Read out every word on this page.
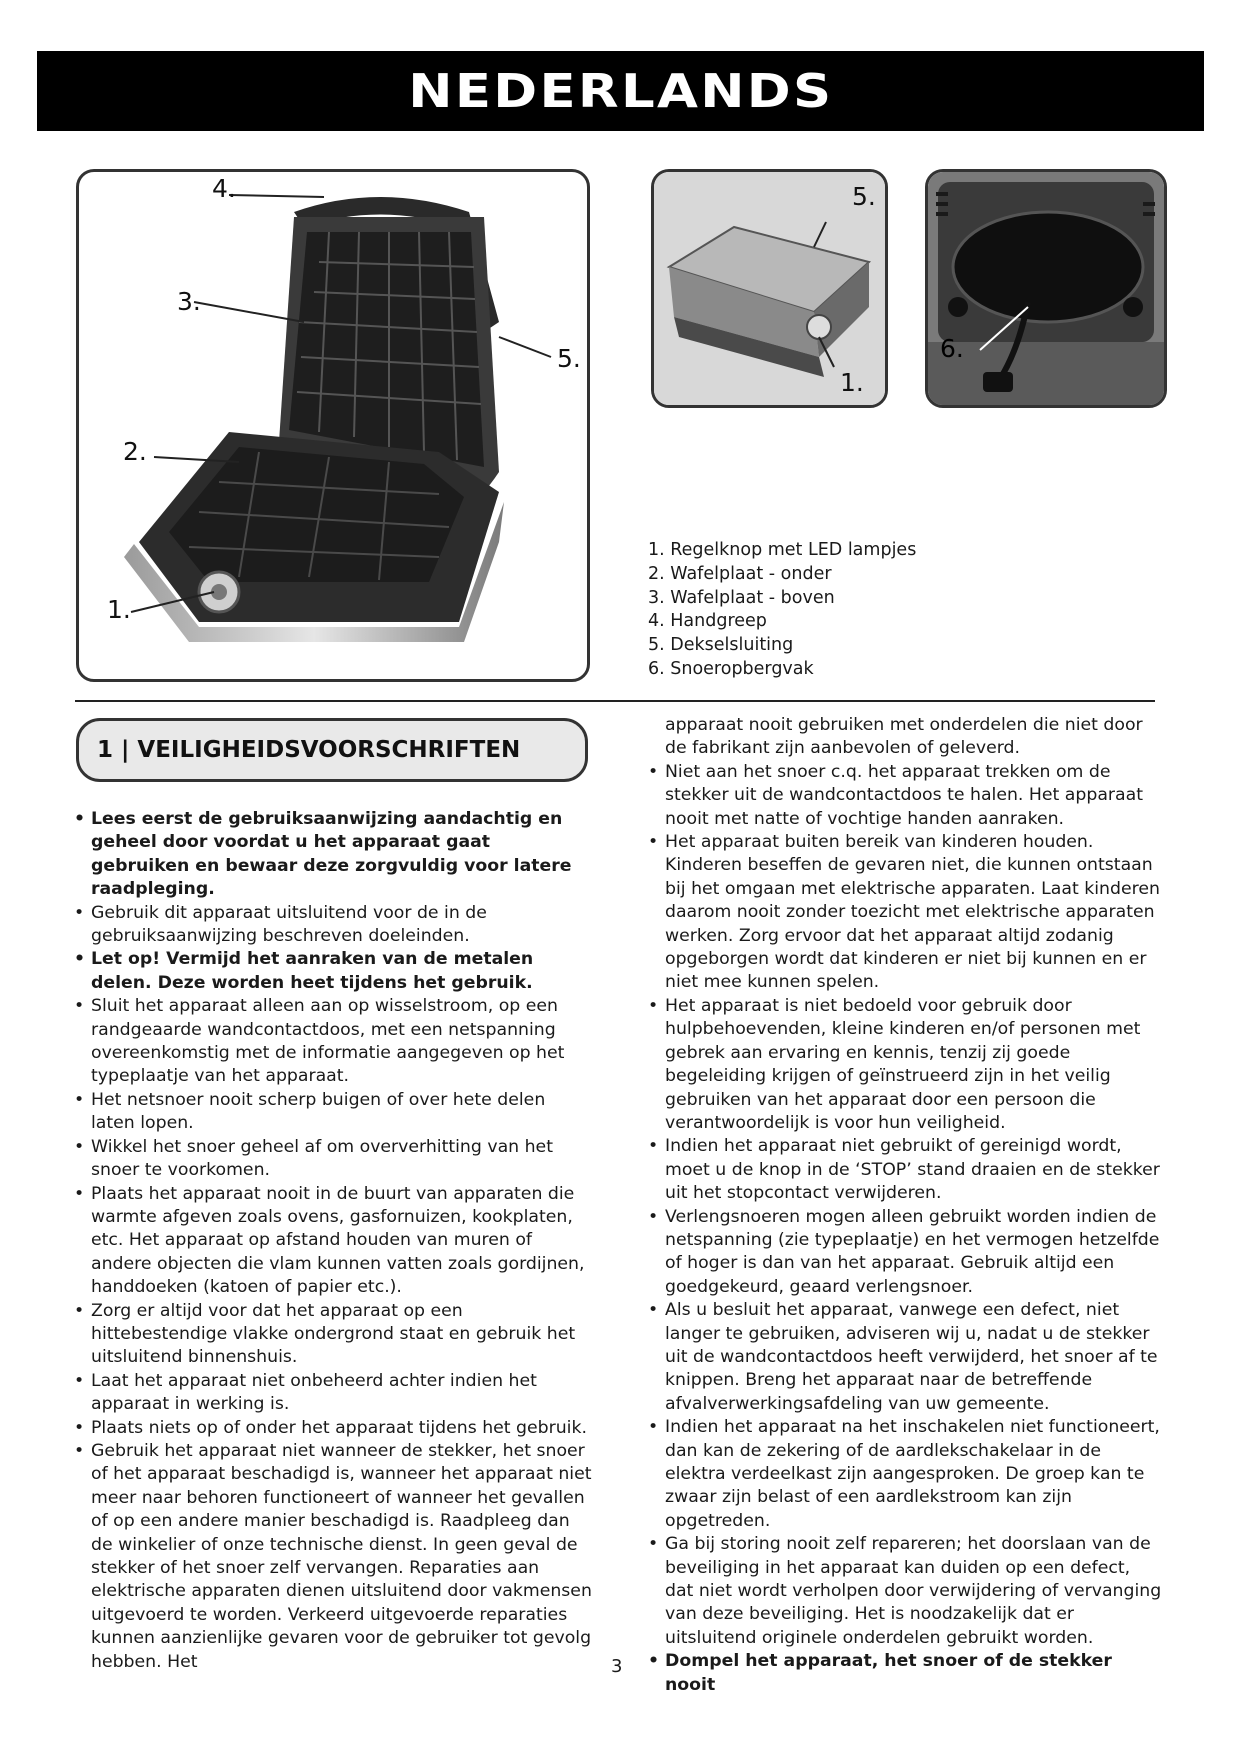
NEDERLANDS
4.
3.
5.
2.
1.
5.
1.
6.
1. Regelknop met LED lampjes
2. Wafelplaat - onder
3. Wafelplaat - boven
4. Handgreep
5. Dekselsluiting
6. Snoeropbergvak
1 | VEILIGHEIDSVOORSCHRIFTEN
• Lees eerst de gebruiksaanwijzing aandachtig en geheel door voordat u het apparaat gaat gebruiken en bewaar deze zorgvuldig voor latere raadpleging.
• Gebruik dit apparaat uitsluitend voor de in de gebruiksaanwijzing beschreven doeleinden.
• Let op! Vermijd het aanraken van de metalen delen. Deze worden heet tijdens het gebruik.
• Sluit het apparaat alleen aan op wisselstroom, op een randgeaarde wandcontactdoos, met een netspanning overeenkomstig met de informatie aangegeven op het typeplaatje van het apparaat.
• Het netsnoer nooit scherp buigen of over hete delen laten lopen.
• Wikkel het snoer geheel af om oververhitting van het snoer te voorkomen.
• Plaats het apparaat nooit in de buurt van apparaten die warmte afgeven zoals ovens, gasfornuizen, kookplaten, etc. Het apparaat op afstand houden van muren of andere objecten die vlam kunnen vatten zoals gordijnen, handdoeken (katoen of papier etc.).
• Zorg er altijd voor dat het apparaat op een hittebestendige vlakke ondergrond staat en gebruik het uitsluitend binnenshuis.
• Laat het apparaat niet onbeheerd achter indien het apparaat in werking is.
• Plaats niets op of onder het apparaat tijdens het gebruik.
• Gebruik het apparaat niet wanneer de stekker, het snoer of het apparaat beschadigd is, wanneer het apparaat niet meer naar behoren functioneert of wanneer het gevallen of op een andere manier beschadigd is. Raadpleeg dan de winkelier of onze technische dienst. In geen geval de stekker of het snoer zelf vervangen. Reparaties aan elektrische apparaten dienen uitsluitend door vakmensen uitgevoerd te worden. Verkeerd uitgevoerde reparaties kunnen aanzienlijke gevaren voor de gebruiker tot gevolg hebben. Het
apparaat nooit gebruiken met onderdelen die niet door de fabrikant zijn aanbevolen of geleverd.
• Niet aan het snoer c.q. het apparaat trekken om de stekker uit de wandcontactdoos te halen. Het apparaat nooit met natte of vochtige handen aanraken.
• Het apparaat buiten bereik van kinderen houden. Kinderen beseffen de gevaren niet, die kunnen ontstaan bij het omgaan met elektrische apparaten. Laat kinderen daarom nooit zonder toezicht met elektrische apparaten werken. Zorg ervoor dat het apparaat altijd zodanig opgeborgen wordt dat kinderen er niet bij kunnen en er niet mee kunnen spelen.
• Het apparaat is niet bedoeld voor gebruik door hulpbehoevenden, kleine kinderen en/of personen met gebrek aan ervaring en kennis, tenzij zij goede begeleiding krijgen of geïnstrueerd zijn in het veilig gebruiken van het apparaat door een persoon die verantwoordelijk is voor hun veiligheid.
• Indien het apparaat niet gebruikt of gereinigd wordt, moet u de knop in de ‘STOP’ stand draaien en de stekker uit het stopcontact verwijderen.
• Verlengsnoeren mogen alleen gebruikt worden indien de netspanning (zie typeplaatje) en het vermogen hetzelfde of hoger is dan van het apparaat. Gebruik altijd een goedgekeurd, geaard verlengsnoer.
• Als u besluit het apparaat, vanwege een defect, niet langer te gebruiken, adviseren wij u, nadat u de stekker uit de wandcontactdoos heeft verwijderd, het snoer af te knippen. Breng het apparaat naar de betreffende afvalverwerkingsafdeling van uw gemeente.
• Indien het apparaat na het inschakelen niet functioneert, dan kan de zekering of de aardlekschakelaar in de elektra verdeelkast zijn aangesproken. De groep kan te zwaar zijn belast of een aardlekstroom kan zijn opgetreden.
• Ga bij storing nooit zelf repareren; het doorslaan van de beveiliging in het apparaat kan duiden op een defect, dat niet wordt verholpen door verwijdering of vervanging van deze beveiliging. Het is noodzakelijk dat er uitsluitend originele onderdelen gebruikt worden.
• Dompel het apparaat, het snoer of de stekker nooit
3
